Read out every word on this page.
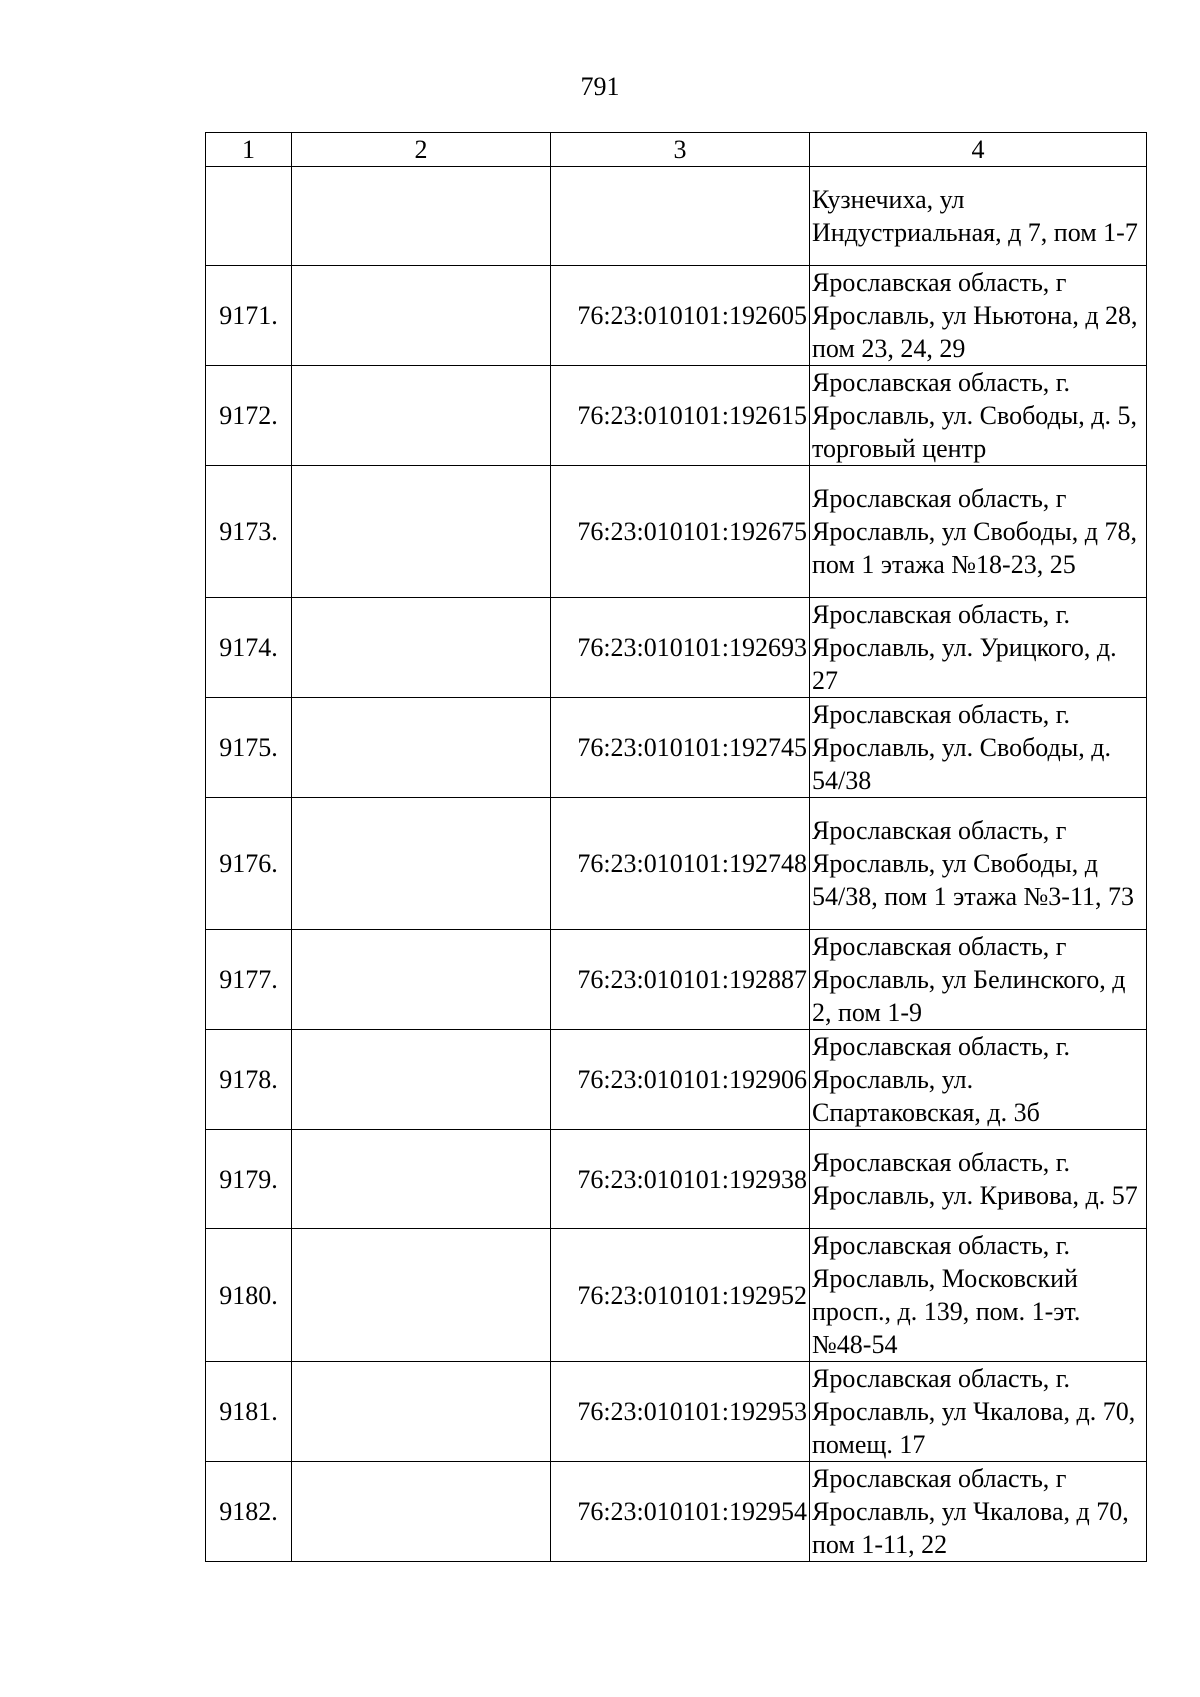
791
1	2	3	4
			Кузнечиха, ул Индустриальная, д 7, пом 1-7
9171.		76:23:010101:192605	Ярославская область, г Ярославль, ул Ньютона, д 28, пом 23, 24, 29
9172.		76:23:010101:192615	Ярославская область, г. Ярославль, ул. Свободы, д. 5, торговый центр
9173.		76:23:010101:192675	Ярославская область, г Ярославль, ул Свободы, д 78, пом 1 этажа №18-23, 25
9174.		76:23:010101:192693	Ярославская область, г. Ярославль, ул. Урицкого, д. 27
9175.		76:23:010101:192745	Ярославская область, г. Ярославль, ул. Свободы, д. 54/38
9176.		76:23:010101:192748	Ярославская область, г Ярославль, ул Свободы, д 54/38, пом 1 этажа №3-11, 73
9177.		76:23:010101:192887	Ярославская область, г Ярославль, ул Белинского, д 2, пом 1-9
9178.		76:23:010101:192906	Ярославская область, г. Ярославль, ул. Спартаковская, д. 3б
9179.		76:23:010101:192938	Ярославская область, г. Ярославль, ул. Кривова, д. 57
9180.		76:23:010101:192952	Ярославская область, г. Ярославль, Московский просп., д. 139, пом. 1-эт. №48-54
9181.		76:23:010101:192953	Ярославская область, г. Ярославль, ул Чкалова, д. 70, помещ. 17
9182.		76:23:010101:192954	Ярославская область, г Ярославль, ул Чкалова, д 70, пом 1-11, 22
